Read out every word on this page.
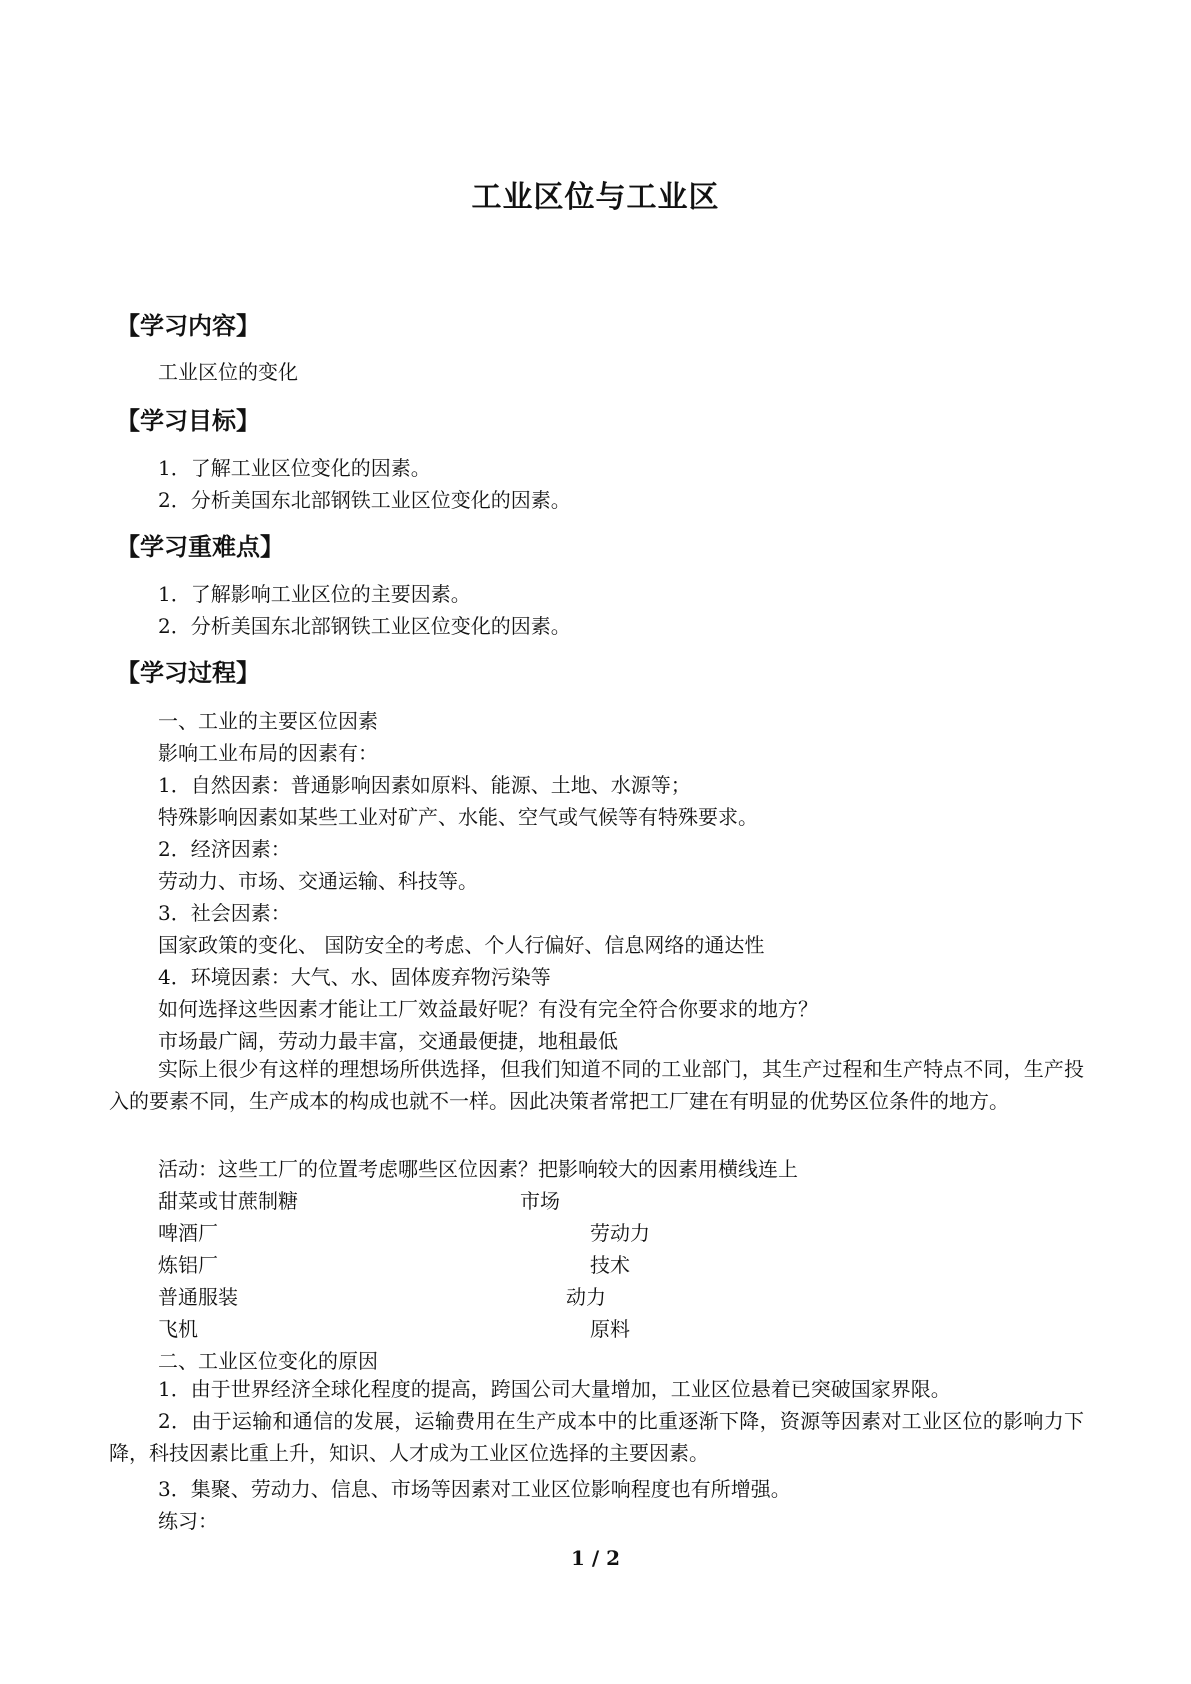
工业区位与工业区
【学习内容】
工业区位的变化
【学习目标】
1．了解工业区位变化的因素。
2．分析美国东北部钢铁工业区位变化的因素。
【学习重难点】
1．了解影响工业区位的主要因素。
2．分析美国东北部钢铁工业区位变化的因素。
【学习过程】
一、工业的主要区位因素
影响工业布局的因素有：
1．自然因素：普通影响因素如原料、能源、土地、水源等；
特殊影响因素如某些工业对矿产、水能、空气或气候等有特殊要求。
2．经济因素：
劳动力、市场、交通运输、科技等。
3．社会因素：
国家政策的变化、 国防安全的考虑、个人行偏好、信息网络的通达性
4．环境因素：大气、水、固体废弃物污染等
如何选择这些因素才能让工厂效益最好呢？有没有完全符合你要求的地方？
市场最广阔，劳动力最丰富，交通最便捷，地租最低
实际上很少有这样的理想场所供选择，但我们知道不同的工业部门，其生产过程和生产特点不同，生产投入的要素不同，生产成本的构成也就不一样。因此决策者常把工厂建在有明显的优势区位条件的地方。
活动：这些工厂的位置考虑哪些区位因素？把影响较大的因素用横线连上
甜菜或甘蔗制糖	市场
啤酒厂	劳动力
炼铝厂	技术
普通服装	动力
飞机	原料
二、工业区位变化的原因
1．由于世界经济全球化程度的提高，跨国公司大量增加，工业区位悬着已突破国家界限。
2．由于运输和通信的发展，运输费用在生产成本中的比重逐渐下降，资源等因素对工业区位的影响力下降，科技因素比重上升，知识、人才成为工业区位选择的主要因素。
3．集聚、劳动力、信息、市场等因素对工业区位影响程度也有所增强。
练习：
1 / 2
